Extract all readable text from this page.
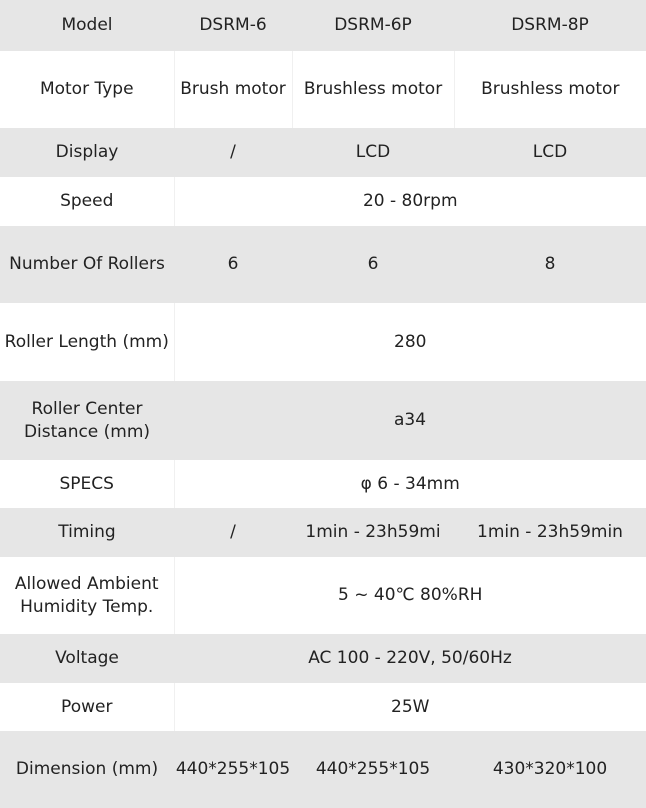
Model	DSRM-6	DSRM-6P	DSRM-8P
Motor Type	Brush motor	Brushless motor	Brushless motor
Display	/	LCD	LCD
Speed	20 - 80rpm		
Number Of Rollers	6	6	8
Roller Length (mm)	280		

Roller Center
Distance (mm)	a34		
SPECS	φ 6 - 34mm		
Timing	/	1min - 23h59mi	1min - 23h59min

Allowed Ambient
Humidity Temp.	5 ~ 40℃ 80%RH		
Voltage	AC 100 - 220V, 50/60Hz		
Power	25W		
Dimension (mm)	440*255*105	440*255*105	430*320*100
